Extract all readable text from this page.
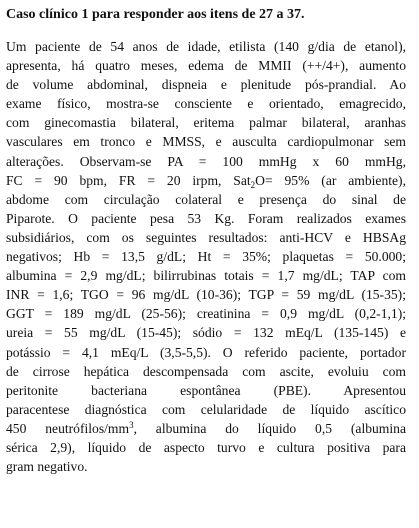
Caso clínico 1 para responder aos itens de 27 a 37.
Um paciente de 54 anos de idade, etilista (140 g/dia de etanol),
apresenta, há quatro meses, edema de MMII (++/4+), aumento
de volume abdominal, dispneia e plenitude pós-prandial. Ao
exame físico, mostra-se consciente e orientado, emagrecido,
com ginecomastia bilateral, eritema palmar bilateral, aranhas
vasculares em tronco e MMSS, e ausculta cardiopulmonar sem
alterações. Observam-se PA = 100 mmHg x 60 mmHg,
FC = 90 bpm, FR = 20 irpm, Sat$_2$O= 95% (ar ambiente),
abdome com circulação colateral e presença do sinal de
Piparote. O paciente pesa 53 Kg. Foram realizados exames
subsidiários, com os seguintes resultados: anti-HCV e HBSAg
negativos; Hb = 13,5 g/dL; Ht = 35%; plaquetas = 50.000;
albumina = 2,9 mg/dL; bilirrubinas totais = 1,7 mg/dL; TAP com
INR = 1,6; TGO = 96 mg/dL (10-36); TGP = 59 mg/dL (15-35);
GGT = 189 mg/dL (25-56); creatinina = 0,9 mg/dL (0,2-1,1);
ureia = 55 mg/dL (15-45); sódio = 132 mEq/L (135-145) e
potássio = 4,1 mEq/L (3,5-5,5). O referido paciente, portador
de cirrose hepática descompensada com ascite, evoluiu com
peritonite bacteriana espontânea (PBE). Apresentou
paracentese diagnóstica com celularidade de líquido ascítico
450 neutrófilos/$mm^3$, albumina do líquido 0,5 (albumina
sérica 2,9), líquido de aspecto turvo e cultura positiva para
gram negativo.
